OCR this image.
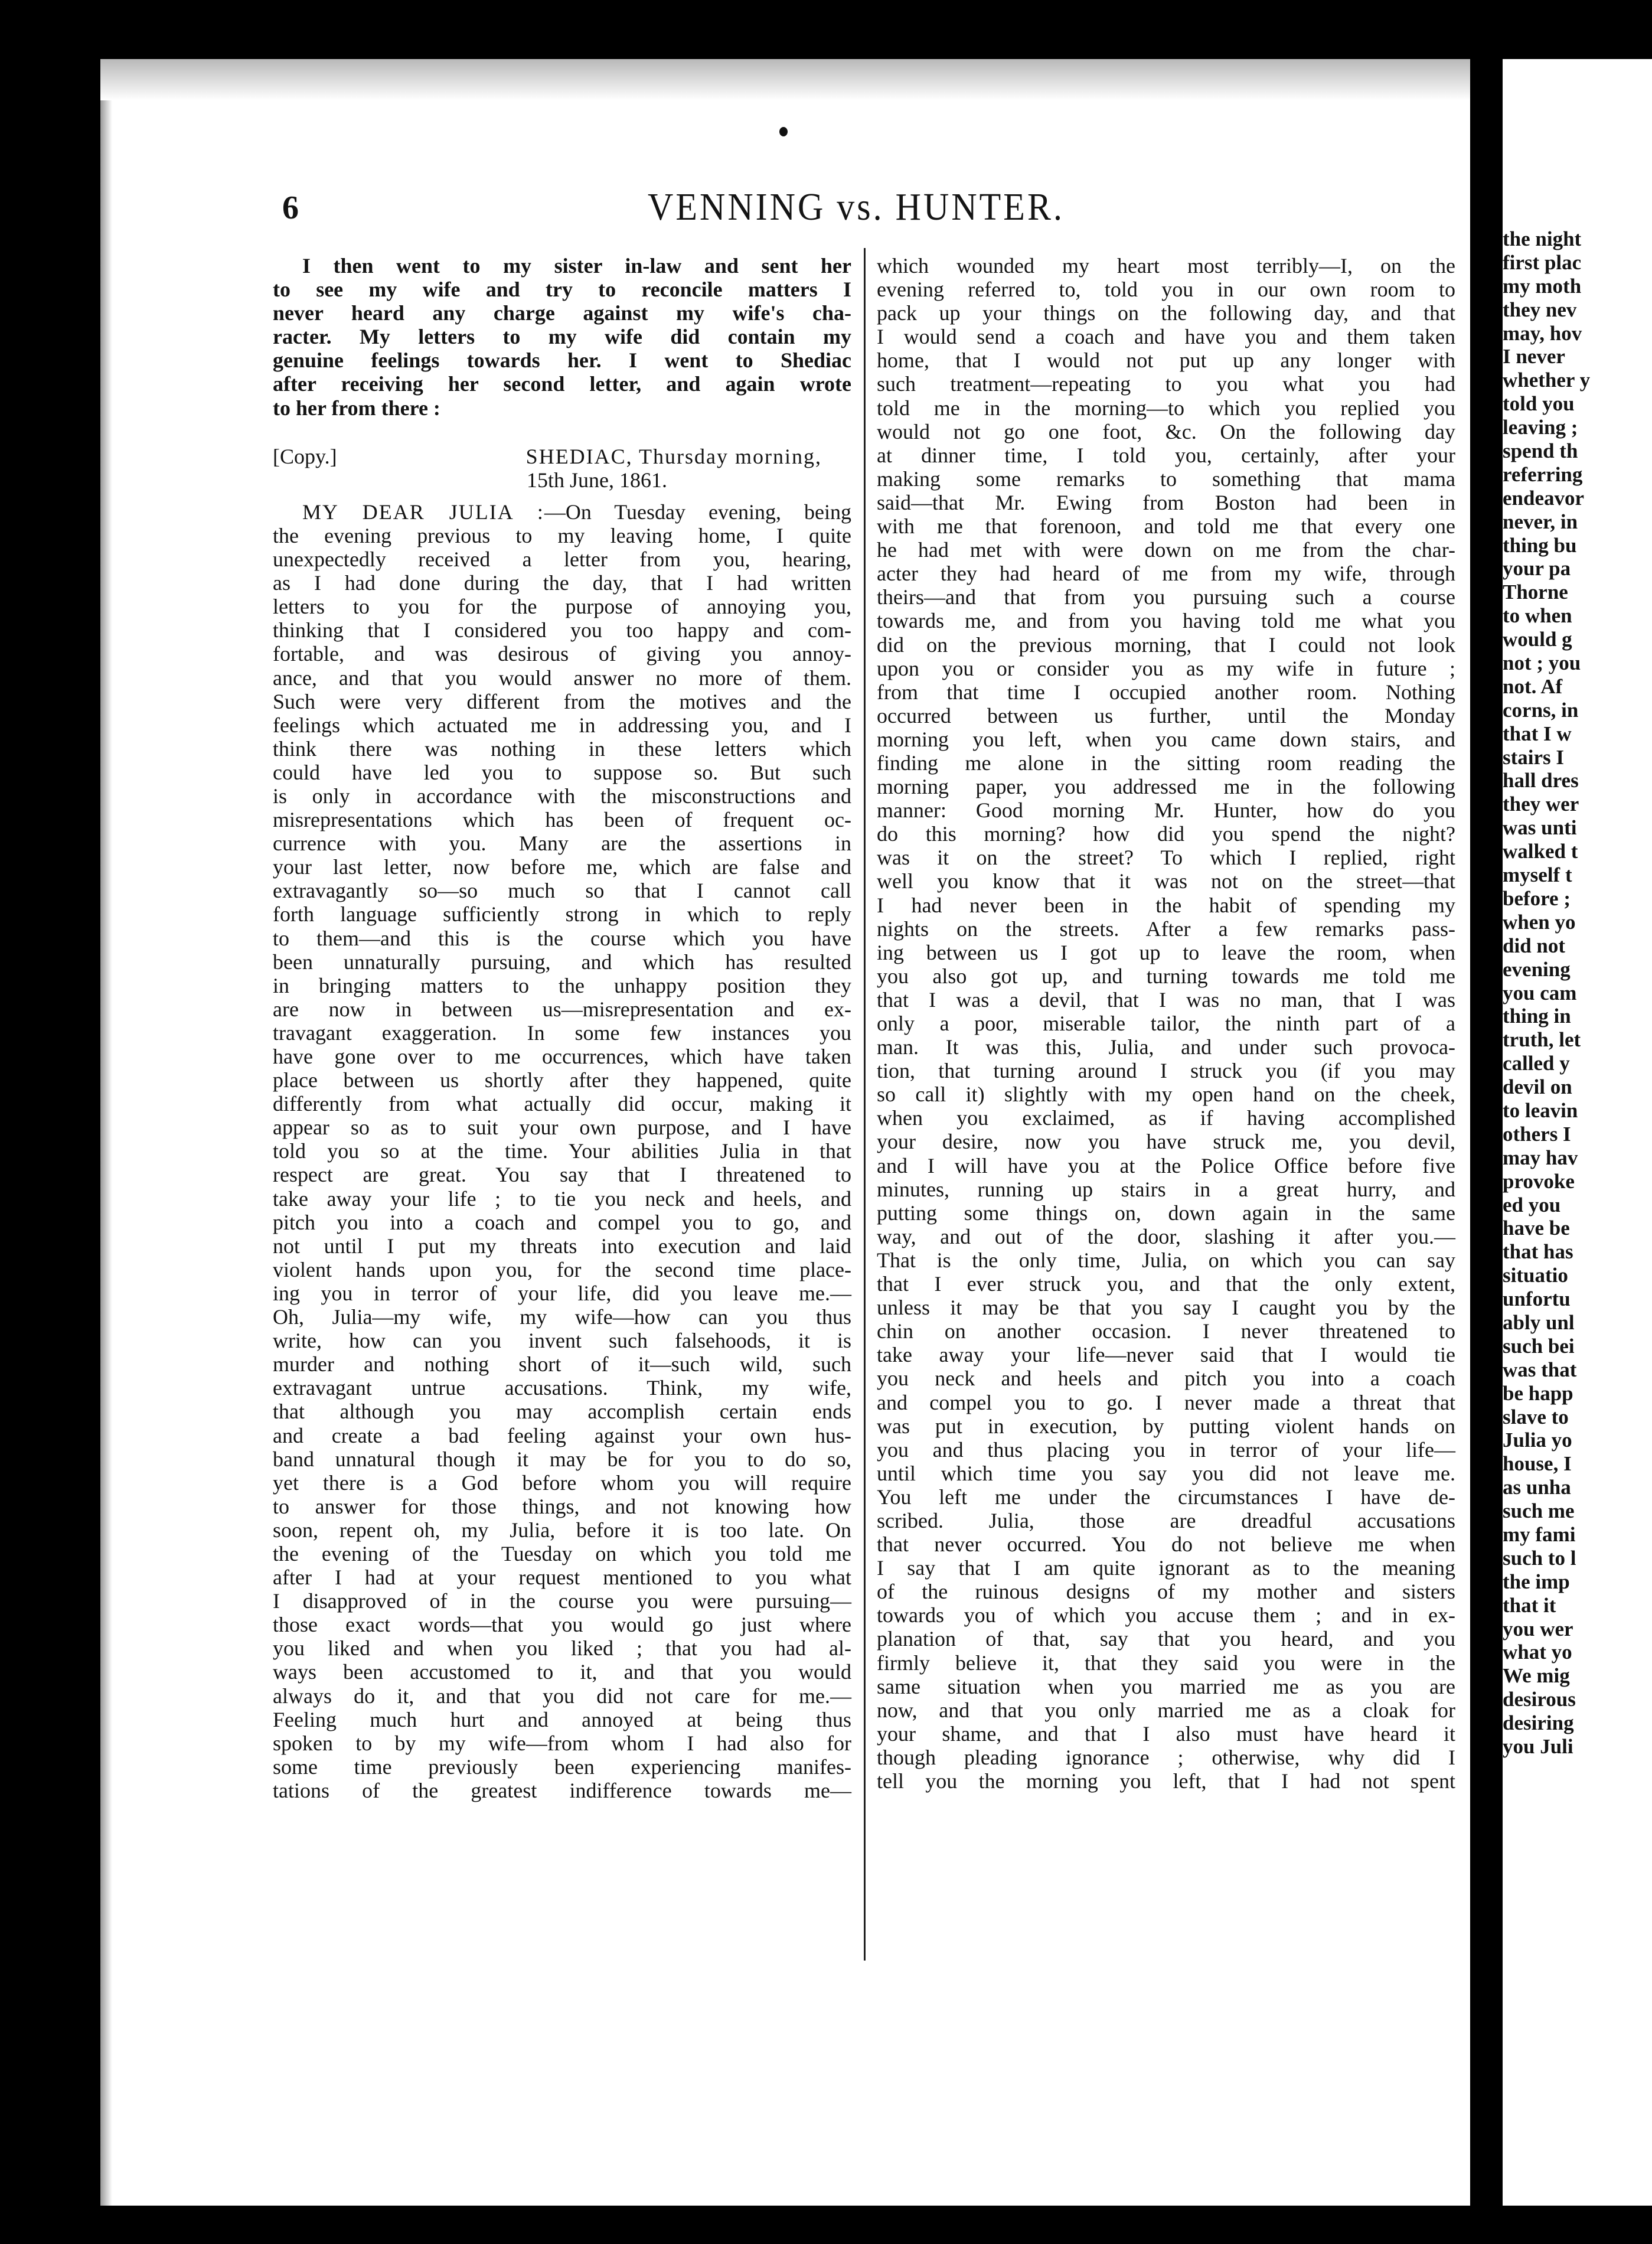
6	VENNING vs. HUNTER.
I then went to my sister in-law and sent her
to see my wife and try to reconcile matters I
never heard any charge against my wife's cha-
racter. My letters to my wife did contain my
genuine feelings towards her. I went to Shediac
after receiving her second letter, and again wrote
to her from there :
[Copy.]	SHEDIAC, Thursday morning,
15th June, 1861.
MY DEAR JULIA :—On Tuesday evening, being
the evening previous to my leaving home, I quite
unexpectedly received a letter from you, hearing,
as I had done during the day, that I had written
letters to you for the purpose of annoying you,
thinking that I considered you too happy and com-
fortable, and was desirous of giving you annoy-
ance, and that you would answer no more of them.
Such were very different from the motives and the
feelings which actuated me in addressing you, and I
think there was nothing in these letters which
could have led you to suppose so. But such
is only in accordance with the misconstructions and
misrepresentations which has been of frequent oc-
currence with you. Many are the assertions in
your last letter, now before me, which are false and
extravagantly so—so much so that I cannot call
forth language sufficiently strong in which to reply
to them—and this is the course which you have
been unnaturally pursuing, and which has resulted
in bringing matters to the unhappy position they
are now in between us—misrepresentation and ex-
travagant exaggeration. In some few instances you
have gone over to me occurrences, which have taken
place between us shortly after they happened, quite
differently from what actually did occur, making it
appear so as to suit your own purpose, and I have
told you so at the time. Your abilities Julia in that
respect are great. You say that I threatened to
take away your life ; to tie you neck and heels, and
pitch you into a coach and compel you to go, and
not until I put my threats into execution and laid
violent hands upon you, for the second time placе-
ing you in terror of your life, did you leave me.—
Oh, Julia—my wife, my wife—how can you thus
write, how can you invent such falsehoods, it is
murder and nothing short of it—such wild, such
extravagant untrue accusations. Think, my wife,
that although you may accomplish certain ends
and create a bad feeling against your own hus-
band unnatural though it may be for you to do so,
yet there is a God before whom you will require
to answer for those things, and not knowing how
soon, repent oh, my Julia, before it is too late. On
the evening of the Tuesday on which you told me
after I had at your request mentioned to you what
I disapproved of in the course you were pursuing—
those exact words—that you would go just where
you liked and when you liked ; that you had al-
ways been accustomed to it, and that you would
always do it, and that you did not care for me.—
Feeling much hurt and annoyed at being thus
spoken to by my wife—from whom I had also for
some time previously been experiencing manifes-
tations of the greatest indifference towards me—
which wounded my heart most terribly—I, on the
evening referred to, told you in our own room to
pack up your things on the following day, and that
I would send a coach and have you and them taken
home, that I would not put up any longer with
such treatment—repeating to you what you had
told me in the morning—to which you replied you
would not go one foot, &c. On the following day
at dinner time, I told you, certainly, after your
making some remarks to something that mama
said—that Mr. Ewing from Boston had been in
with me that forenoon, and told me that every one
he had met with were down on me from the char-
acter they had heard of me from my wife, through
theirs—and that from you pursuing such a course
towards me, and from you having told me what you
did on the previous morning, that I could not look
upon you or consider you as my wife in future ;
from that time I occupied another room. Nothing
occurred between us further, until the Monday
morning you left, when you came down stairs, and
finding me alone in the sitting room reading the
morning paper, you addressed me in the following
manner: Good morning Mr. Hunter, how do you
do this morning? how did you spend the night?
was it on the street? To which I replied, right
well you know that it was not on the street—that
I had never been in the habit of spending my
nights on the streets. After a few remarks pass-
ing between us I got up to leave the room, when
you also got up, and turning towards me told me
that I was a devil, that I was no man, that I was
only a poor, miserable tailor, the ninth part of a
man. It was this, Julia, and under such provoca-
tion, that turning around I struck you (if you may
so call it) slightly with my open hand on the cheek,
when you exclaimed, as if having accomplished
your desire, now you have struck me, you devil,
and I will have you at the Police Office before five
minutes, running up stairs in a great hurry, and
putting some things on, down again in the same
way, and out of the door, slashing it after you.—
That is the only time, Julia, on which you can say
that I ever struck you, and that the only extent,
unless it may be that you say I caught you by the
chin on another occasion. I never threatened to
take away your life—never said that I would tie
you neck and heels and pitch you into a coach
and compel you to go. I never made a threat that
was put in execution, by putting violent hands on
you and thus placing you in terror of your life—
until which time you say you did not leave me.
You left me under the circumstances I have de-
scribed. Julia, those are dreadful accusations
that never occurred. You do not believe me when
I say that I am quite ignorant as to the meaning
of the ruinous designs of my mother and sisters
towards you of which you accuse them ; and in ex-
planation of that, say that you heard, and you
firmly believe it, that they said you were in the
same situation when you married me as you are
now, and that you only married me as a cloak for
your shame, and that I also must have heard it
though pleading ignorance ; otherwise, why did I
tell you the morning you left, that I had not spent
the night
first plac
my moth
they nev
may, hov
I never
whether y
told you
leaving ;
spend th
referring
endeavor
never, in
thing bu
your pa
Thorne
to when
would g
not ; you
not. Af
corns, in
that I w
stairs I
hall dres
they wer
was unti
walked t
myself t
before ;
when yo
did not
evening
you cam
thing in
truth, let
called y
devil on
to leavin
others I
may hav
provoke
ed you
have be
that has
situatio
unfortu
ably unl
such bei
was that
be happ
slave to
Julia yo
house, I
as unha
such me
my fami
such to l
the imp
that it
you wer
what yo
We mig
desirous
desiring
you Juli
